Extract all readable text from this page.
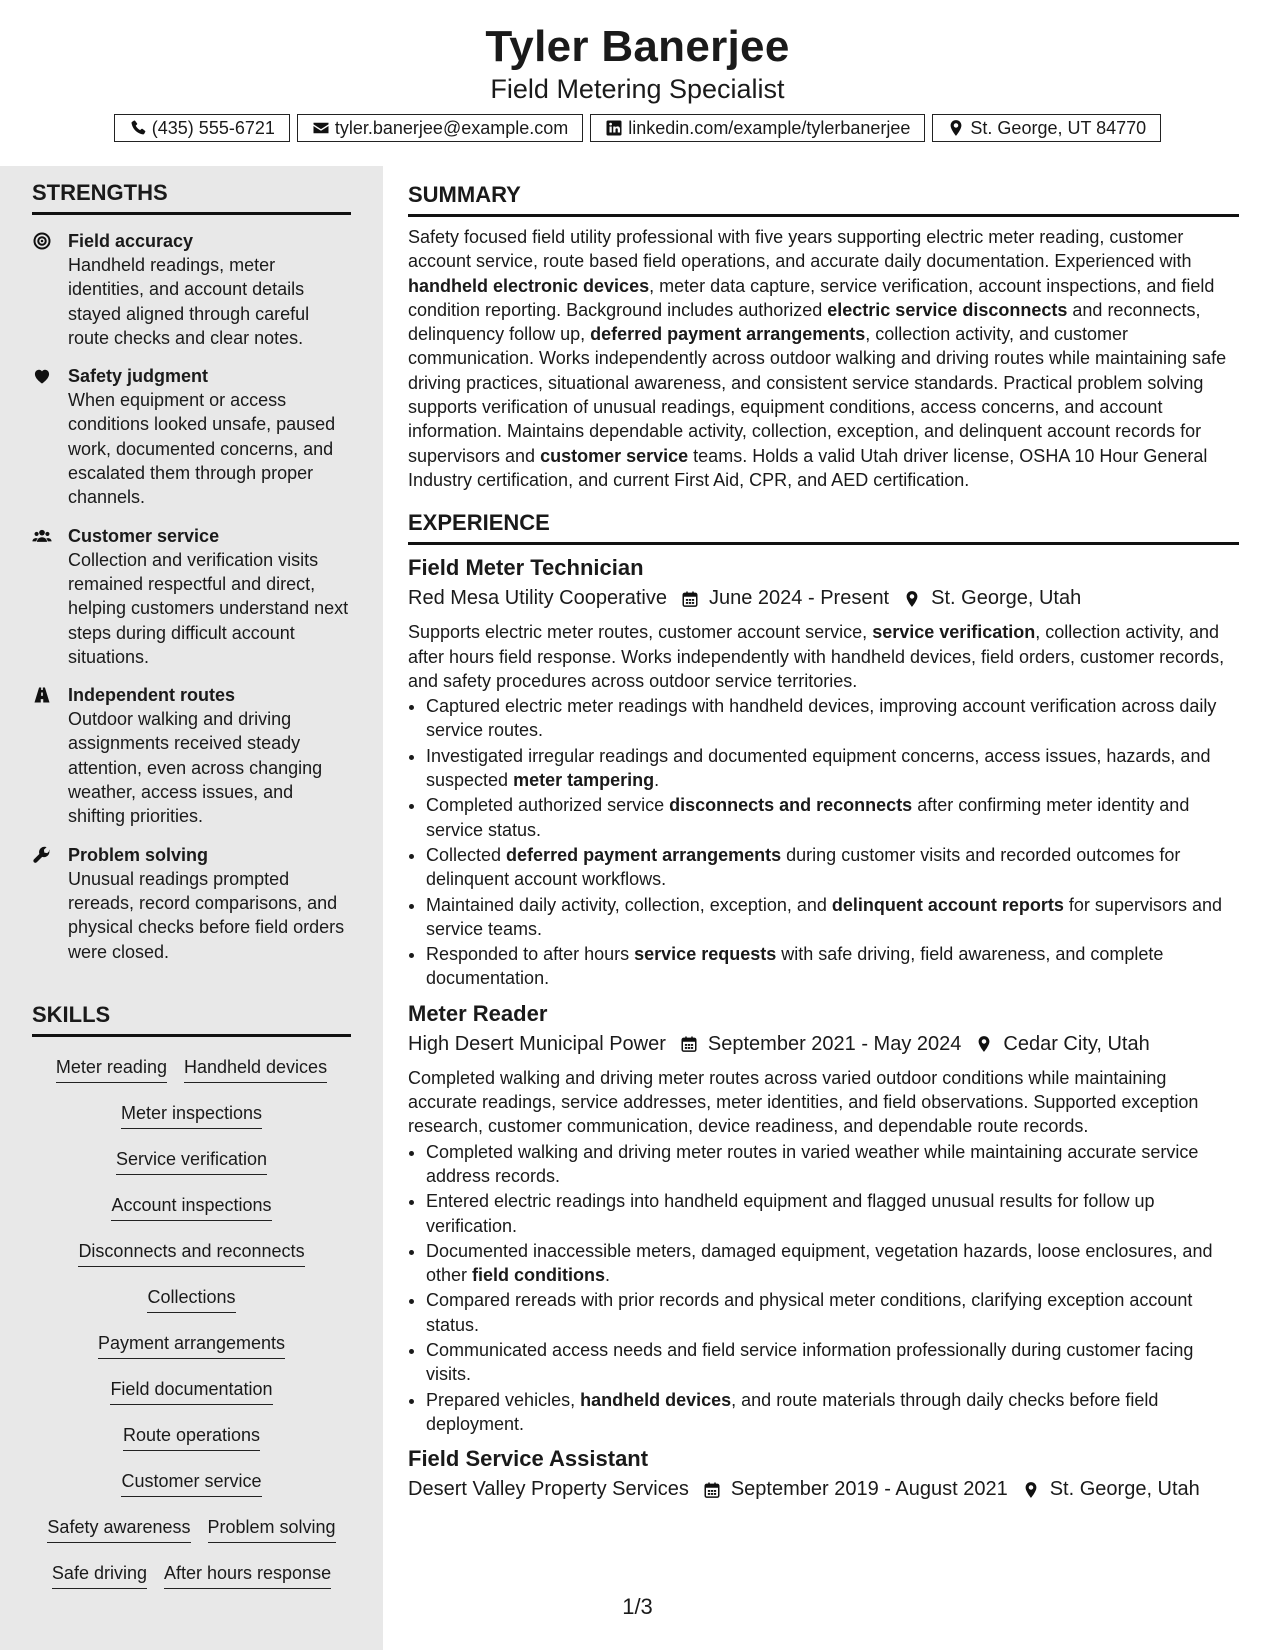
Tyler Banerjee
Field Metering Specialist
(435) 555-6721	tyler.banerjee@example.com	linkedin.com/example/tylerbanerjee	St. George, UT 84770
STRENGTHS
Field accuracy
Handheld readings, meter identities, and account details stayed aligned through careful route checks and clear notes.
Safety judgment
When equipment or access conditions looked unsafe, paused work, documented concerns, and escalated them through proper channels.
Customer service
Collection and verification visits remained respectful and direct, helping customers understand next steps during difficult account situations.
Independent routes
Outdoor walking and driving assignments received steady attention, even across changing weather, access issues, and shifting priorities.
Problem solving
Unusual readings prompted rereads, record comparisons, and physical checks before field orders were closed.
SKILLS
Meter reading Handheld devices
Meter inspections
Service verification
Account inspections
Disconnects and reconnects
Collections
Payment arrangements
Field documentation
Route operations
Customer service
Safety awareness Problem solving
Safe driving After hours response
SUMMARY
Safety focused field utility professional with five years supporting electric meter reading, customer account service, route based field operations, and accurate daily documentation. Experienced with handheld electronic devices, meter data capture, service verification, account inspections, and field condition reporting. Background includes authorized electric service disconnects and reconnects, delinquency follow up, deferred payment arrangements, collection activity, and customer communication. Works independently across outdoor walking and driving routes while maintaining safe driving practices, situational awareness, and consistent service standards. Practical problem solving supports verification of unusual readings, equipment conditions, access concerns, and account information. Maintains dependable activity, collection, exception, and delinquent account records for supervisors and customer service teams. Holds a valid Utah driver license, OSHA 10 Hour General Industry certification, and current First Aid, CPR, and AED certification.
EXPERIENCE
Field Meter Technician
Red Mesa Utility Cooperative June 2024 - Present St. George, Utah
Supports electric meter routes, customer account service, service verification, collection activity, and after hours field response. Works independently with handheld devices, field orders, customer records, and safety procedures across outdoor service territories.
• Captured electric meter readings with handheld devices, improving account verification across daily service routes.
• Investigated irregular readings and documented equipment concerns, access issues, hazards, and suspected meter tampering.
• Completed authorized service disconnects and reconnects after confirming meter identity and service status.
• Collected deferred payment arrangements during customer visits and recorded outcomes for delinquent account workflows.
• Maintained daily activity, collection, exception, and delinquent account reports for supervisors and service teams.
• Responded to after hours service requests with safe driving, field awareness, and complete documentation.
Meter Reader
High Desert Municipal Power September 2021 - May 2024 Cedar City, Utah
Completed walking and driving meter routes across varied outdoor conditions while maintaining accurate readings, service addresses, meter identities, and field observations. Supported exception research, customer communication, device readiness, and dependable route records.
• Completed walking and driving meter routes in varied weather while maintaining accurate service address records.
• Entered electric readings into handheld equipment and flagged unusual results for follow up verification.
• Documented inaccessible meters, damaged equipment, vegetation hazards, loose enclosures, and other field conditions.
• Compared rereads with prior records and physical meter conditions, clarifying exception account status.
• Communicated access needs and field service information professionally during customer facing visits.
• Prepared vehicles, handheld devices, and route materials through daily checks before field deployment.
Field Service Assistant
Desert Valley Property Services September 2019 - August 2021 St. George, Utah
1/3
